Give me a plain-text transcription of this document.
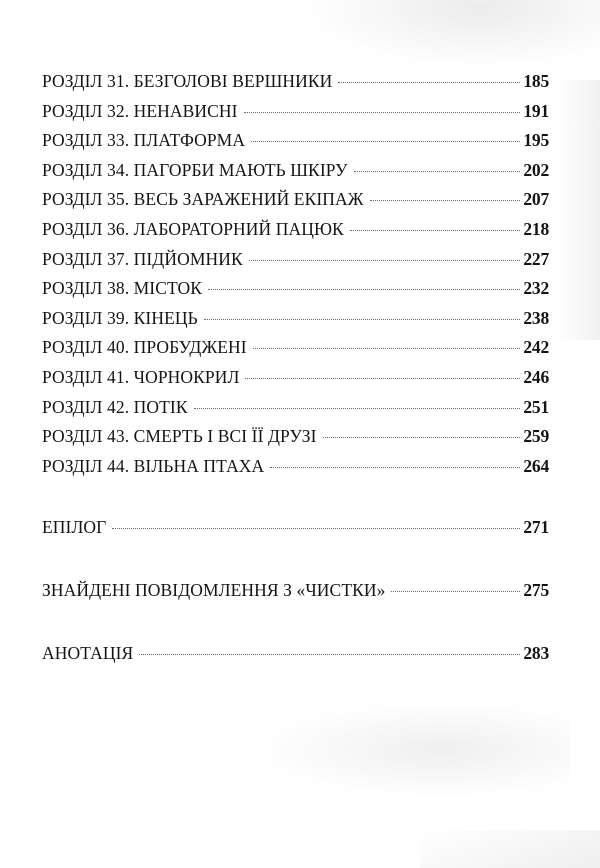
РОЗДІЛ 31. БЕЗГОЛОВІ ВЕРШНИКИ	185
РОЗДІЛ 32. НЕНАВИСНІ	191
РОЗДІЛ 33. ПЛАТФОРМА	195
РОЗДІЛ 34. ПАГОРБИ МАЮТЬ ШКІРУ	202
РОЗДІЛ 35. ВЕСЬ ЗАРАЖЕНИЙ ЕКІПАЖ	207
РОЗДІЛ 36. ЛАБОРАТОРНИЙ ПАЦЮК	218
РОЗДІЛ 37. ПІДЙОМНИК	227
РОЗДІЛ 38. МІСТОК	232
РОЗДІЛ 39. КІНЕЦЬ	238
РОЗДІЛ 40. ПРОБУДЖЕНІ	242
РОЗДІЛ 41. ЧОРНОКРИЛ	246
РОЗДІЛ 42. ПОТІК	251
РОЗДІЛ 43. СМЕРТЬ І ВСІ ЇЇ ДРУЗІ	259
РОЗДІЛ 44. ВІЛЬНА ПТАХА	264
ЕПІЛОГ	271
ЗНАЙДЕНІ ПОВІДОМЛЕННЯ З «ЧИСТКИ»	275
АНОТАЦІЯ	283
